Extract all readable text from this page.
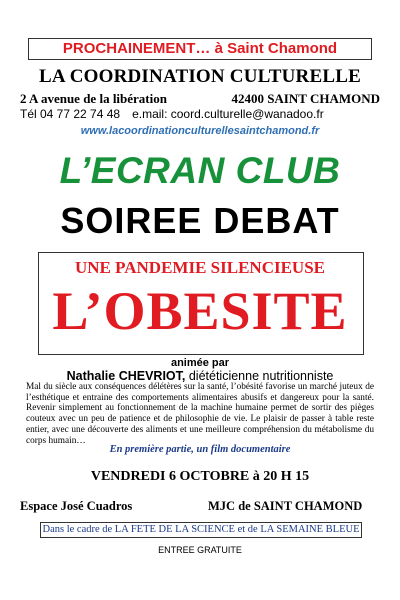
PROCHAINEMENT… à Saint Chamond
LA COORDINATION CULTURELLE
2 A avenue de la libération	42400 SAINT CHAMOND
Tél 04 77 22 74 48 e.mail: coord.culturelle@wanadoo.fr
www.lacoordinationculturellesaintchamond.fr
L’ECRAN CLUB
SOIREE DEBAT
UNE PANDEMIE SILENCIEUSE
L’OBESITE
animée par
Nathalie CHEVRIOT, diététicienne nutritionniste
Mal du siècle aux conséquences délétères sur la santé, l’obésité favorise un marché juteux de l’esthétique et entraine des comportements alimentaires abusifs et dangereux pour la santé. Revenir simplement au fonctionnement de la machine humaine permet de sortir des pièges couteux avec un peu de patience et de philosophie de vie. Le plaisir de passer à table reste entier, avec une découverte des aliments et une meilleure compréhension du métabolisme du corps humain…
En première partie, un film documentaire
VENDREDI 6 OCTOBRE à 20 H 15
Espace José Cuadros	MJC de SAINT CHAMOND
Dans le cadre de LA FETE DE LA SCIENCE et de LA SEMAINE BLEUE
ENTREE GRATUITE
